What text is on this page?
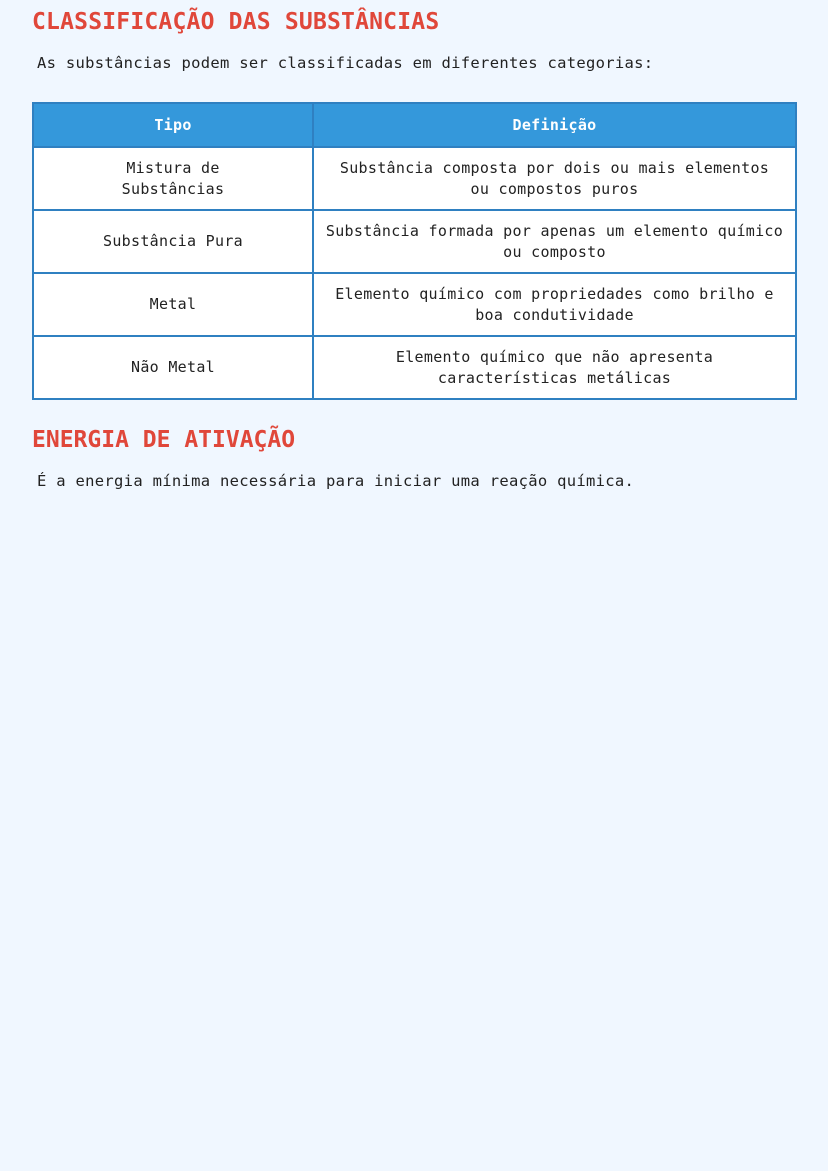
CLASSIFICAÇÃO DAS SUBSTÂNCIAS

As substâncias podem ser classificadas em diferentes categorias:

Tipo	Definição
Mistura de Substâncias	Substância composta por dois ou mais elementos ou compostos puros
Substância Pura	Substância formada por apenas um elemento químico ou composto
Metal	Elemento químico com propriedades como brilho e boa condutividade
Não Metal	Elemento químico que não apresenta características metálicas
ENERGIA DE ATIVAÇÃO

É a energia mínima necessária para iniciar uma reação química.
